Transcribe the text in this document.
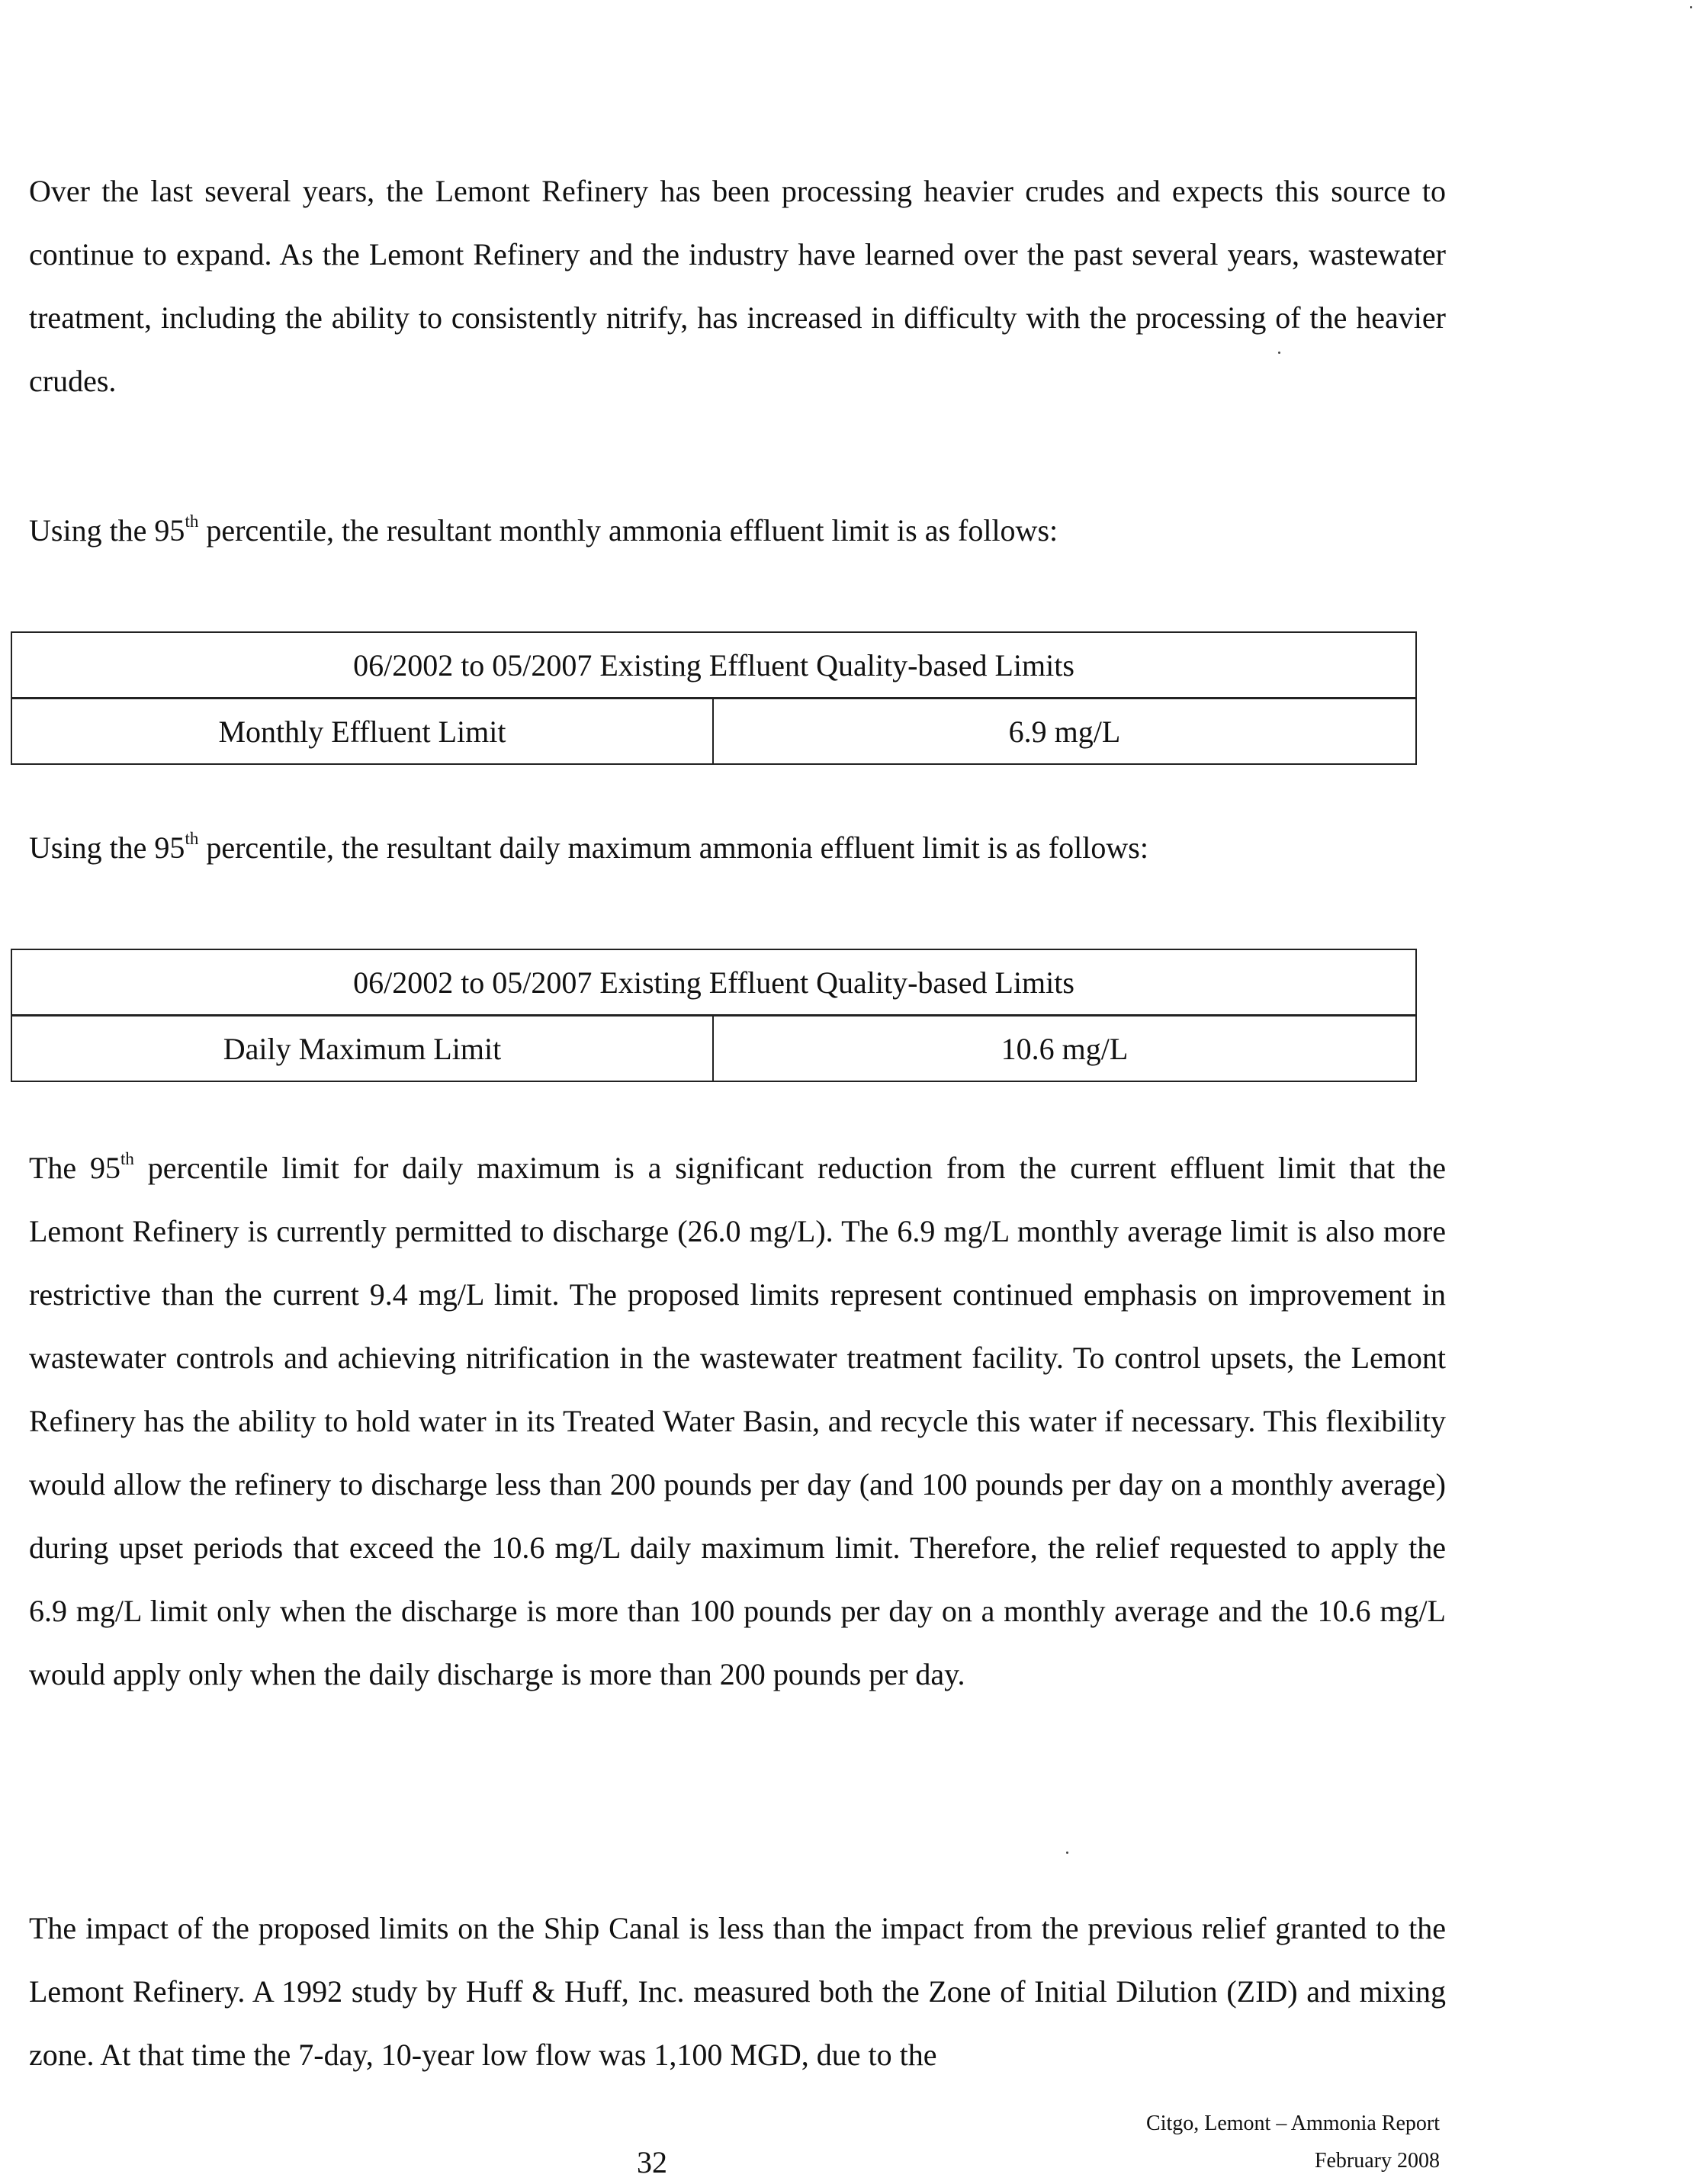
Over the last several years, the Lemont Refinery has been processing heavier crudes and expects this source to continue to expand. As the Lemont Refinery and the industry have learned over the past several years, wastewater treatment, including the ability to consistently nitrify, has increased in difficulty with the processing of the heavier crudes.

Using the 95th percentile, the resultant monthly ammonia effluent limit is as follows:

06/2002 to 05/2007 Existing Effluent Quality-based Limits
Monthly Effluent Limit	6.9 mg/L

Using the 95th percentile, the resultant daily maximum ammonia effluent limit is as follows:

06/2002 to 05/2007 Existing Effluent Quality-based Limits
Daily Maximum Limit	10.6 mg/L

The 95th percentile limit for daily maximum is a significant reduction from the current effluent limit that the Lemont Refinery is currently permitted to discharge (26.0 mg/L). The 6.9 mg/L monthly average limit is also more restrictive than the current 9.4 mg/L limit. The proposed limits represent continued emphasis on improvement in wastewater controls and achieving nitrification in the wastewater treatment facility. To control upsets, the Lemont Refinery has the ability to hold water in its Treated Water Basin, and recycle this water if necessary. This flexibility would allow the refinery to discharge less than 200 pounds per day (and 100 pounds per day on a monthly average) during upset periods that exceed the 10.6 mg/L daily maximum limit. Therefore, the relief requested to apply the 6.9 mg/L limit only when the discharge is more than 100 pounds per day on a monthly average and the 10.6 mg/L would apply only when the daily discharge is more than 200 pounds per day.

The impact of the proposed limits on the Ship Canal is less than the impact from the previous relief granted to the Lemont Refinery. A 1992 study by Huff & Huff, Inc. measured both the Zone of Initial Dilution (ZID) and mixing zone. At that time the 7-day, 10-year low flow was 1,100 MGD, due to the

32
Citgo, Lemont – Ammonia Report
February 2008
